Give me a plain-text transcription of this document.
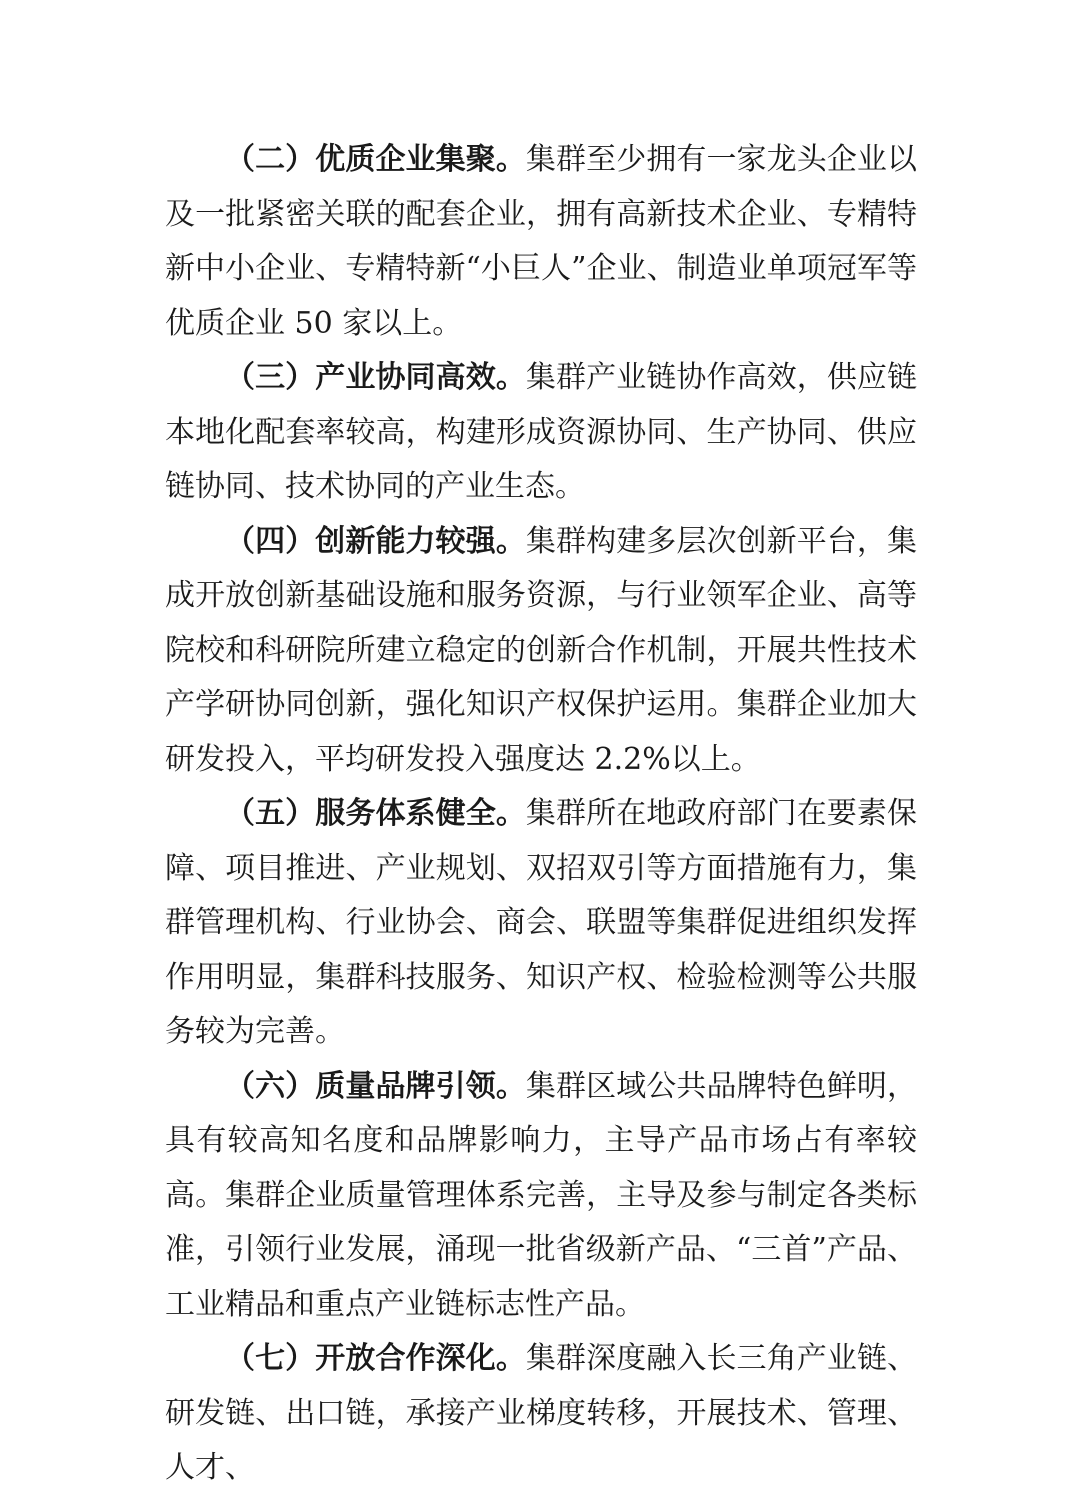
（二）优质企业集聚。集群至少拥有一家龙头企业以及一批紧密关联的配套企业，拥有高新技术企业、专精特新中小企业、专精特新“小巨人”企业、制造业单项冠军等优质企业 50 家以上。

（三）产业协同高效。集群产业链协作高效，供应链本地化配套率较高，构建形成资源协同、生产协同、供应链协同、技术协同的产业生态。

（四）创新能力较强。集群构建多层次创新平台，集成开放创新基础设施和服务资源，与行业领军企业、高等院校和科研院所建立稳定的创新合作机制，开展共性技术产学研协同创新，强化知识产权保护运用。集群企业加大研发投入，平均研发投入强度达 2.2%以上。

（五）服务体系健全。集群所在地政府部门在要素保障、项目推进、产业规划、双招双引等方面措施有力，集群管理机构、行业协会、商会、联盟等集群促进组织发挥作用明显，集群科技服务、知识产权、检验检测等公共服务较为完善。

（六）质量品牌引领。集群区域公共品牌特色鲜明，具有较高知名度和品牌影响力，主导产品市场占有率较高。集群企业质量管理体系完善，主导及参与制定各类标准，引领行业发展，涌现一批省级新产品、“三首”产品、工业精品和重点产业链标志性产品。

（七）开放合作深化。集群深度融入长三角产业链、研发链、出口链，承接产业梯度转移，开展技术、管理、人才、
